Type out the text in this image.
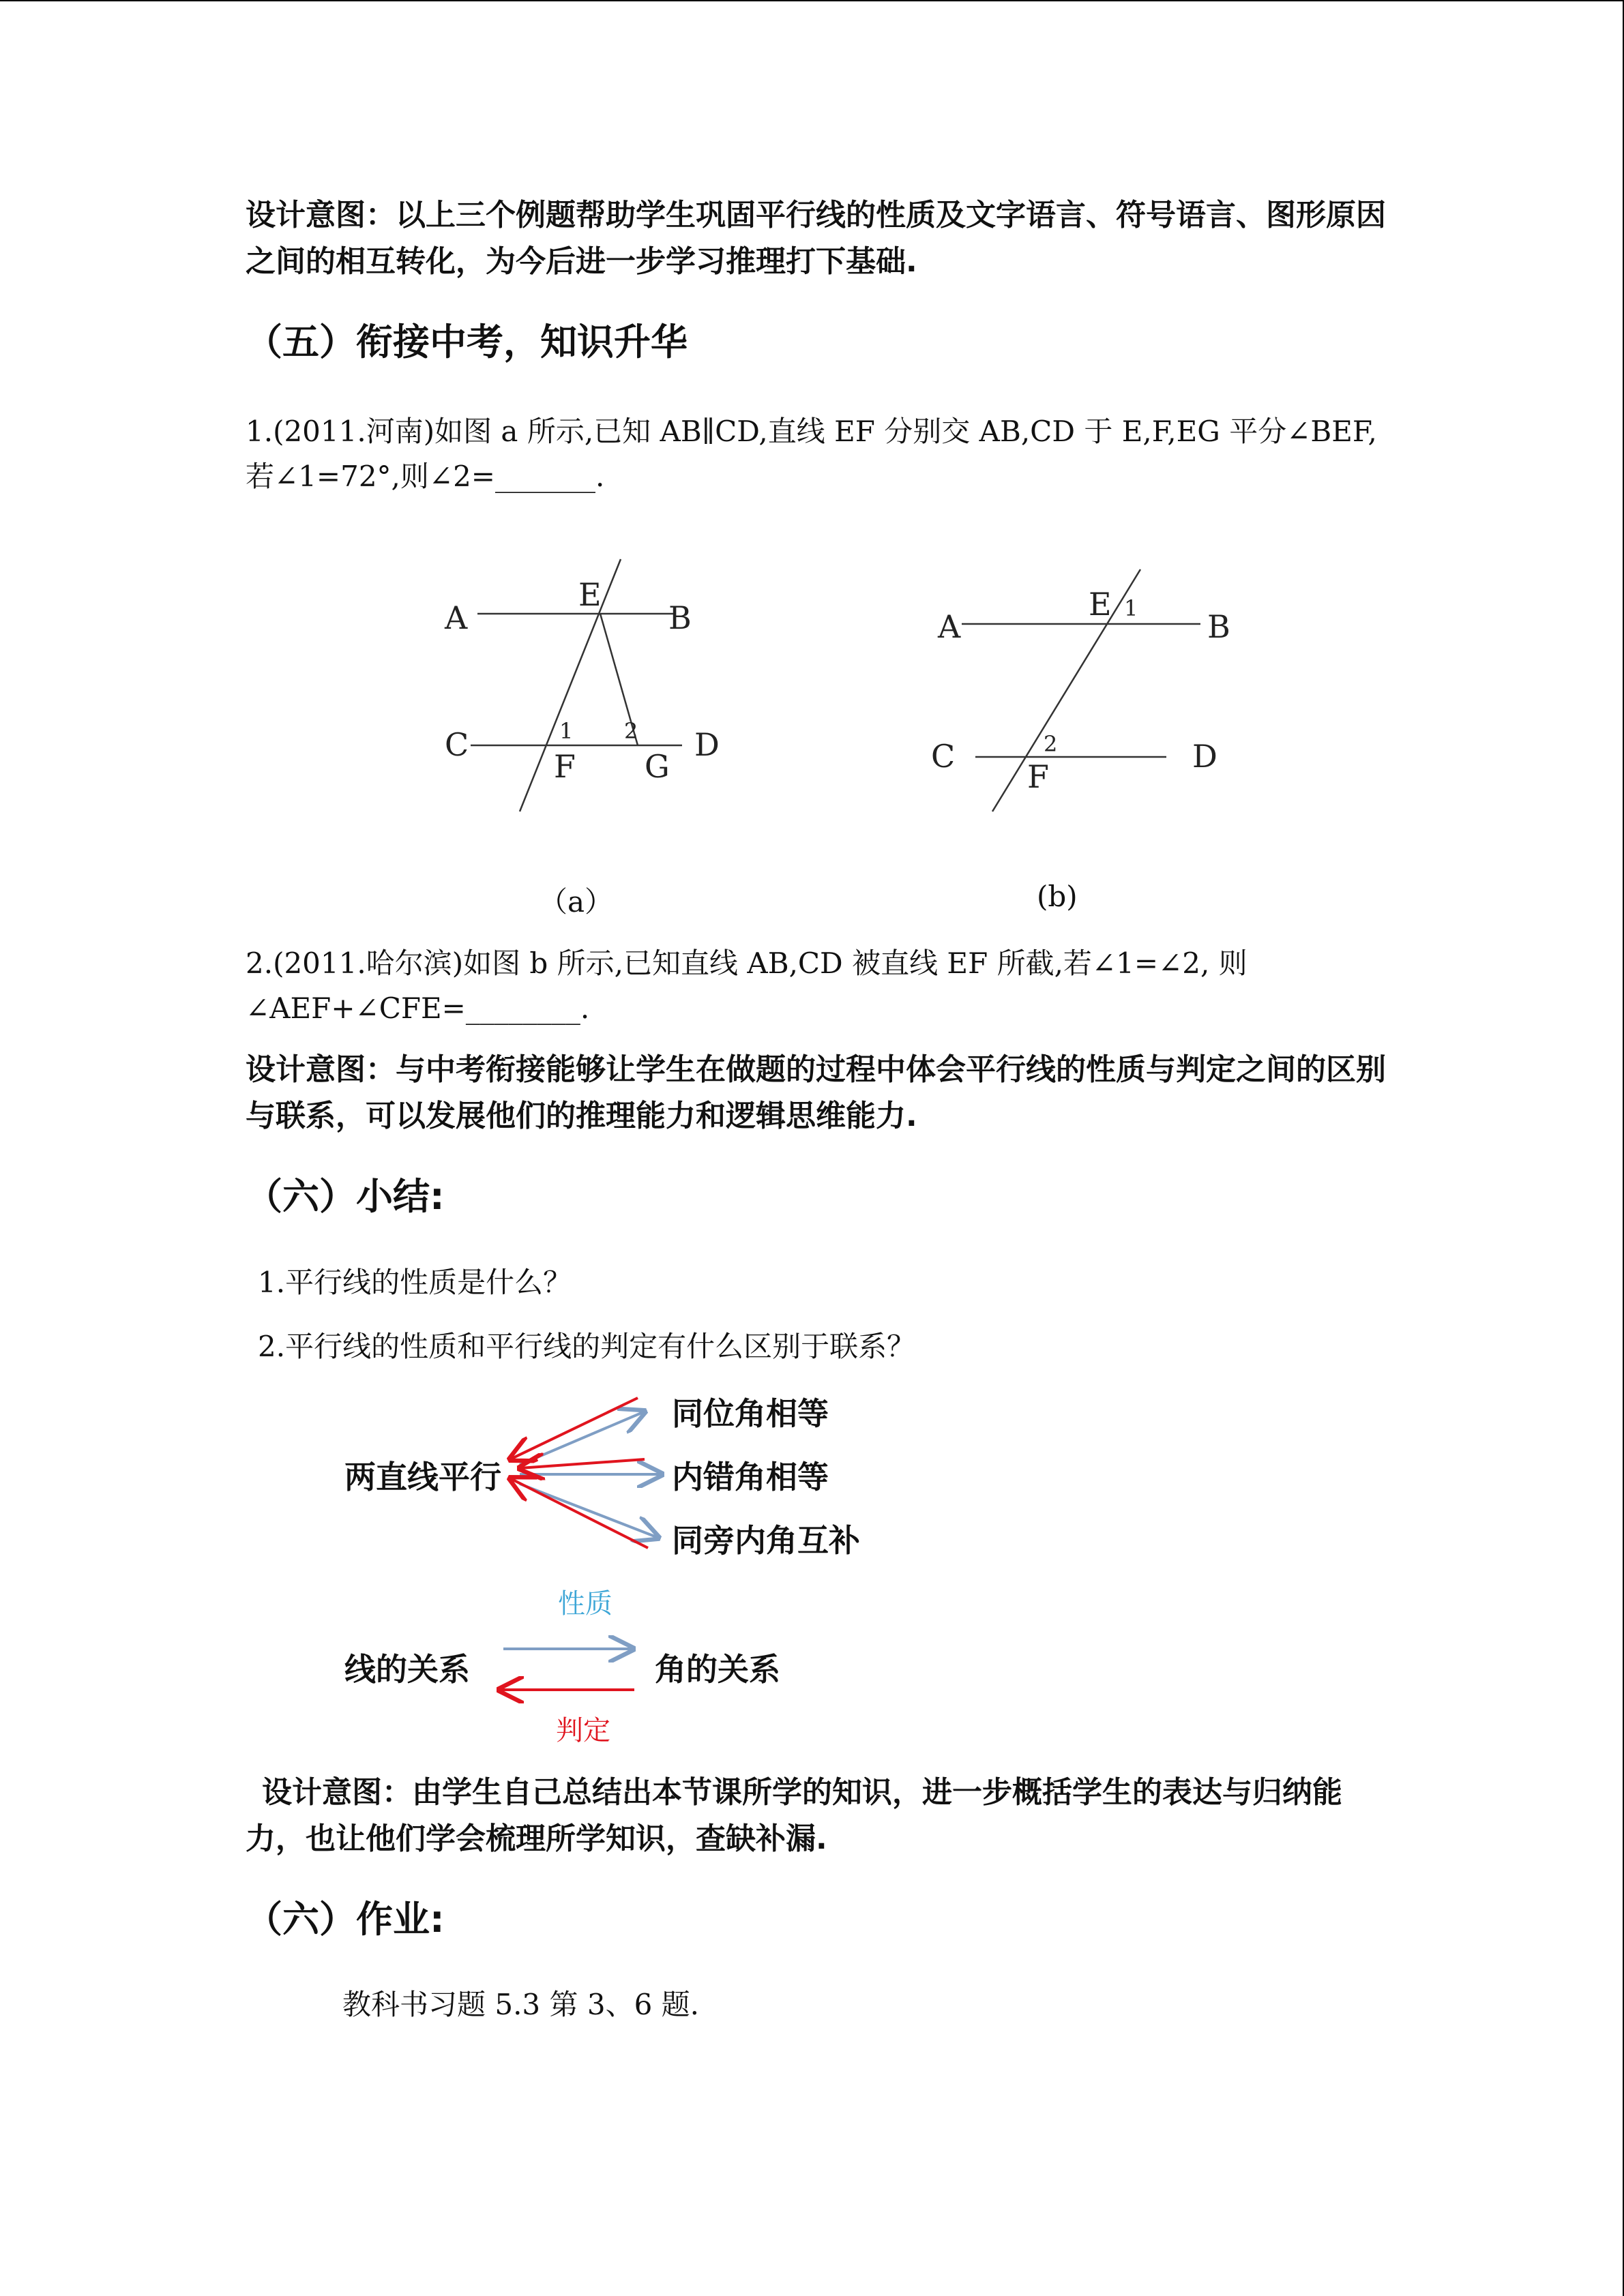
设计意图：以上三个例题帮助学生巩固平行线的性质及文字语言、符号语言、图形原因之间的相互转化，为今后进一步学习推理打下基础.
（五）衔接中考，知识升华
1.(2011.河南)如图 a 所示,已知 AB∥CD,直线 EF 分别交 AB,CD 于 E,F,EG 平分∠BEF,若∠1=72°,则∠2=_______.
A
E
B
C	D
F G
1 2
（a）
A
E
B
C	D
F
1
2
(b)
2.(2011.哈尔滨)如图 b 所示,已知直线 AB,CD 被直线 EF 所截,若∠1=∠2, 则∠AEF+∠CFE=________.
设计意图：与中考衔接能够让学生在做题的过程中体会平行线的性质与判定之间的区别与联系，可以发展他们的推理能力和逻辑思维能力.
（六）小结:
1.平行线的性质是什么？
2.平行线的性质和平行线的判定有什么区别于联系？
两直线平行
同位角相等
内错角相等
同旁内角互补
性质
线的关系	角的关系
判定
设计意图：由学生自己总结出本节课所学的知识，进一步概括学生的表达与归纳能力，也让他们学会梳理所学知识，查缺补漏.
（六）作业:
教科书习题 5.3 第 3、6 题.
